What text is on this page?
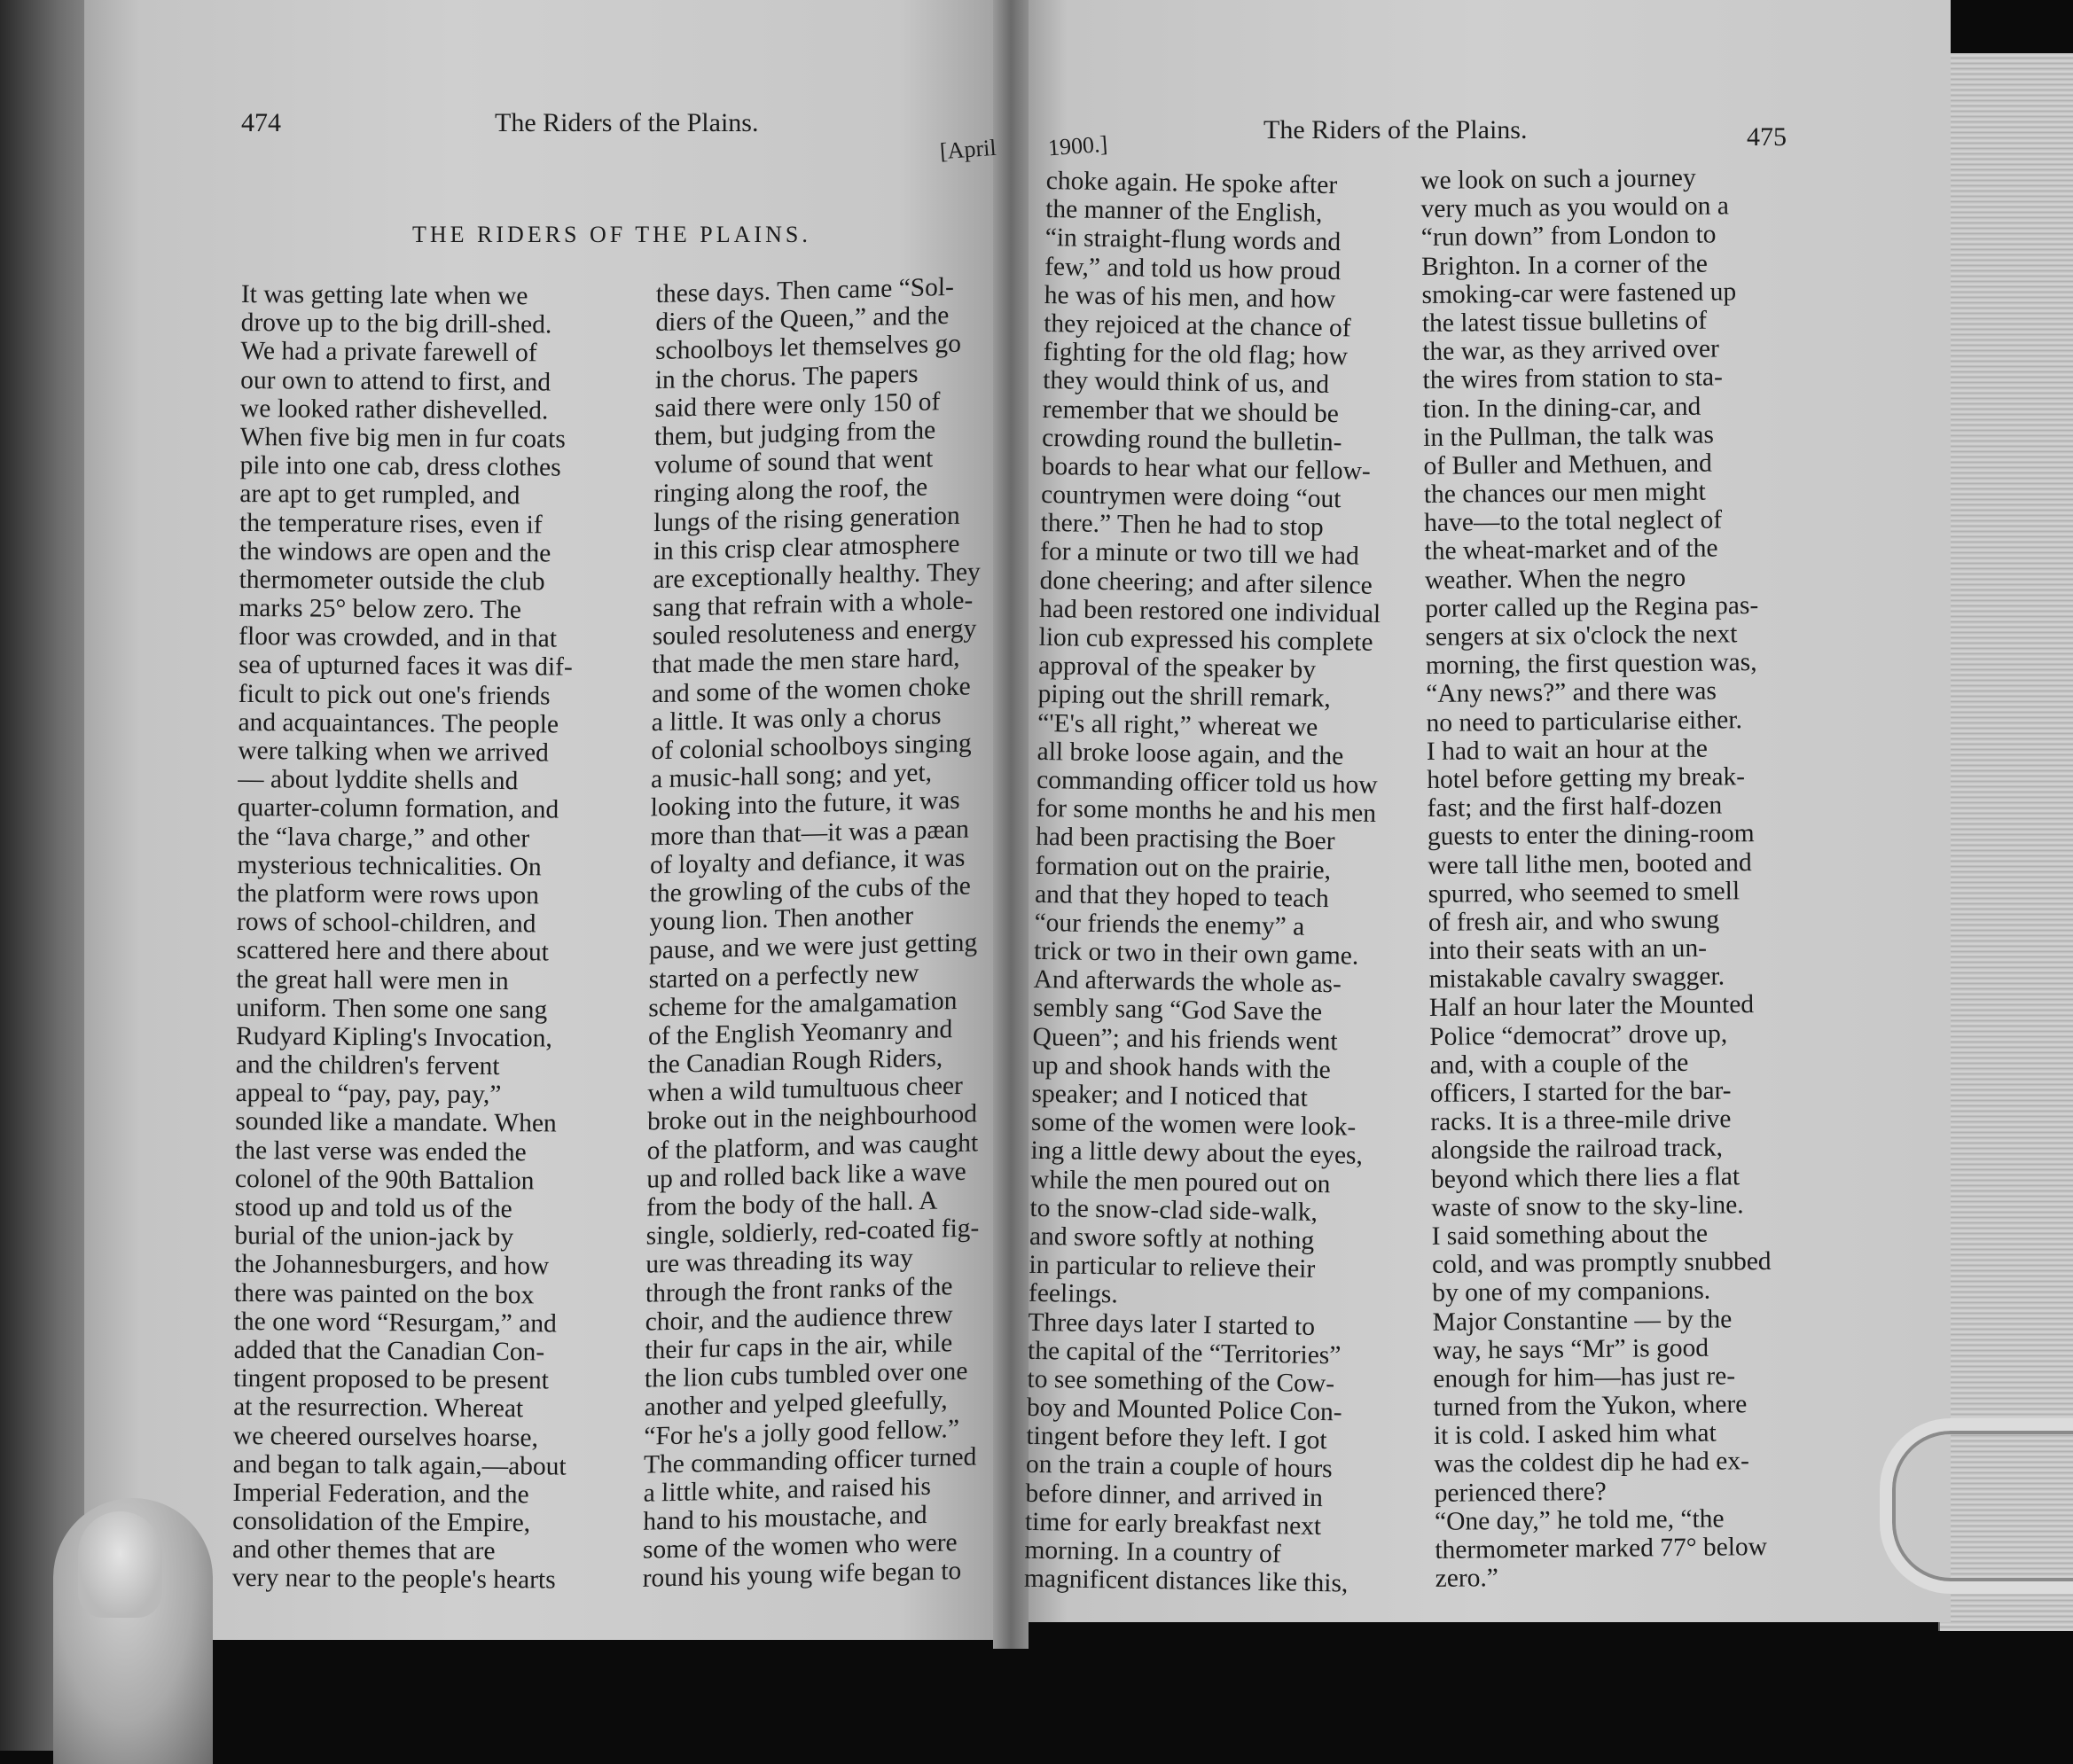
474	The Riders of the Plains.
[April 1900.]
The Riders of the Plains.	475
THE RIDERS OF THE PLAINS.
It was getting late when we
drove up to the big drill-shed.
We had a private farewell of
our own to attend to first, and
we looked rather dishevelled.
When five big men in fur coats
pile into one cab, dress clothes
are apt to get rumpled, and
the temperature rises, even if
the windows are open and the
thermometer outside the club
marks 25° below zero. The
floor was crowded, and in that
sea of upturned faces it was dif-
ficult to pick out one's friends
and acquaintances. The people
were talking when we arrived
— about lyddite shells and
quarter-column formation, and
the “lava charge,” and other
mysterious technicalities. On
the platform were rows upon
rows of school-children, and
scattered here and there about
the great hall were men in
uniform. Then some one sang
Rudyard Kipling's Invocation,
and the children's fervent
appeal to “pay, pay, pay,”
sounded like a mandate. When
the last verse was ended the
colonel of the 90th Battalion
stood up and told us of the
burial of the union-jack by
the Johannesburgers, and how
there was painted on the box
the one word “Resurgam,” and
added that the Canadian Con-
tingent proposed to be present
at the resurrection. Whereat
we cheered ourselves hoarse,
and began to talk again,—about
Imperial Federation, and the
consolidation of the Empire,
and other themes that are
very near to the people's hearts
these days. Then came “Sol-
diers of the Queen,” and the
schoolboys let themselves go
in the chorus. The papers
said there were only 150 of
them, but judging from the
volume of sound that went
ringing along the roof, the
lungs of the rising generation
in this crisp clear atmosphere
are exceptionally healthy. They
sang that refrain with a whole-
souled resoluteness and energy
that made the men stare hard,
and some of the women choke
a little. It was only a chorus
of colonial schoolboys singing
a music-hall song; and yet,
looking into the future, it was
more than that—it was a pæan
of loyalty and defiance, it was
the growling of the cubs of the
young lion. Then another
pause, and we were just getting
started on a perfectly new
scheme for the amalgamation
of the English Yeomanry and
the Canadian Rough Riders,
when a wild tumultuous cheer
broke out in the neighbourhood
of the platform, and was caught
up and rolled back like a wave
from the body of the hall. A
single, soldierly, red-coated fig-
ure was threading its way
through the front ranks of the
choir, and the audience threw
their fur caps in the air, while
the lion cubs tumbled over one
another and yelped gleefully,
“For he's a jolly good fellow.”
The commanding officer turned
a little white, and raised his
hand to his moustache, and
some of the women who were
round his young wife began to
choke again. He spoke after
the manner of the English,
“in straight-flung words and
few,” and told us how proud
he was of his men, and how
they rejoiced at the chance of
fighting for the old flag; how
they would think of us, and
remember that we should be
crowding round the bulletin-
boards to hear what our fellow-
countrymen were doing “out
there.” Then he had to stop
for a minute or two till we had
done cheering; and after silence
had been restored one individual
lion cub expressed his complete
approval of the speaker by
piping out the shrill remark,
“'E's all right,” whereat we
all broke loose again, and the
commanding officer told us how
for some months he and his men
had been practising the Boer
formation out on the prairie,
and that they hoped to teach
“our friends the enemy” a
trick or two in their own game.
And afterwards the whole as-
sembly sang “God Save the
Queen”; and his friends went
up and shook hands with the
speaker; and I noticed that
some of the women were look-
ing a little dewy about the eyes,
while the men poured out on
to the snow-clad side-walk,
and swore softly at nothing
in particular to relieve their
feelings.
Three days later I started to
the capital of the “Territories”
to see something of the Cow-
boy and Mounted Police Con-
tingent before they left. I got
on the train a couple of hours
before dinner, and arrived in
time for early breakfast next
morning. In a country of
magnificent distances like this,
we look on such a journey
very much as you would on a
“run down” from London to
Brighton. In a corner of the
smoking-car were fastened up
the latest tissue bulletins of
the war, as they arrived over
the wires from station to sta-
tion. In the dining-car, and
in the Pullman, the talk was
of Buller and Methuen, and
the chances our men might
have—to the total neglect of
the wheat-market and of the
weather. When the negro
porter called up the Regina pas-
sengers at six o'clock the next
morning, the first question was,
“Any news?” and there was
no need to particularise either.
I had to wait an hour at the
hotel before getting my break-
fast; and the first half-dozen
guests to enter the dining-room
were tall lithe men, booted and
spurred, who seemed to smell
of fresh air, and who swung
into their seats with an un-
mistakable cavalry swagger.
Half an hour later the Mounted
Police “democrat” drove up,
and, with a couple of the
officers, I started for the bar-
racks. It is a three-mile drive
alongside the railroad track,
beyond which there lies a flat
waste of snow to the sky-line.
I said something about the
cold, and was promptly snubbed
by one of my companions.
Major Constantine — by the
way, he says “Mr” is good
enough for him—has just re-
turned from the Yukon, where
it is cold. I asked him what
was the coldest dip he had ex-
perienced there?
“One day,” he told me, “the
thermometer marked 77° below
zero.”
